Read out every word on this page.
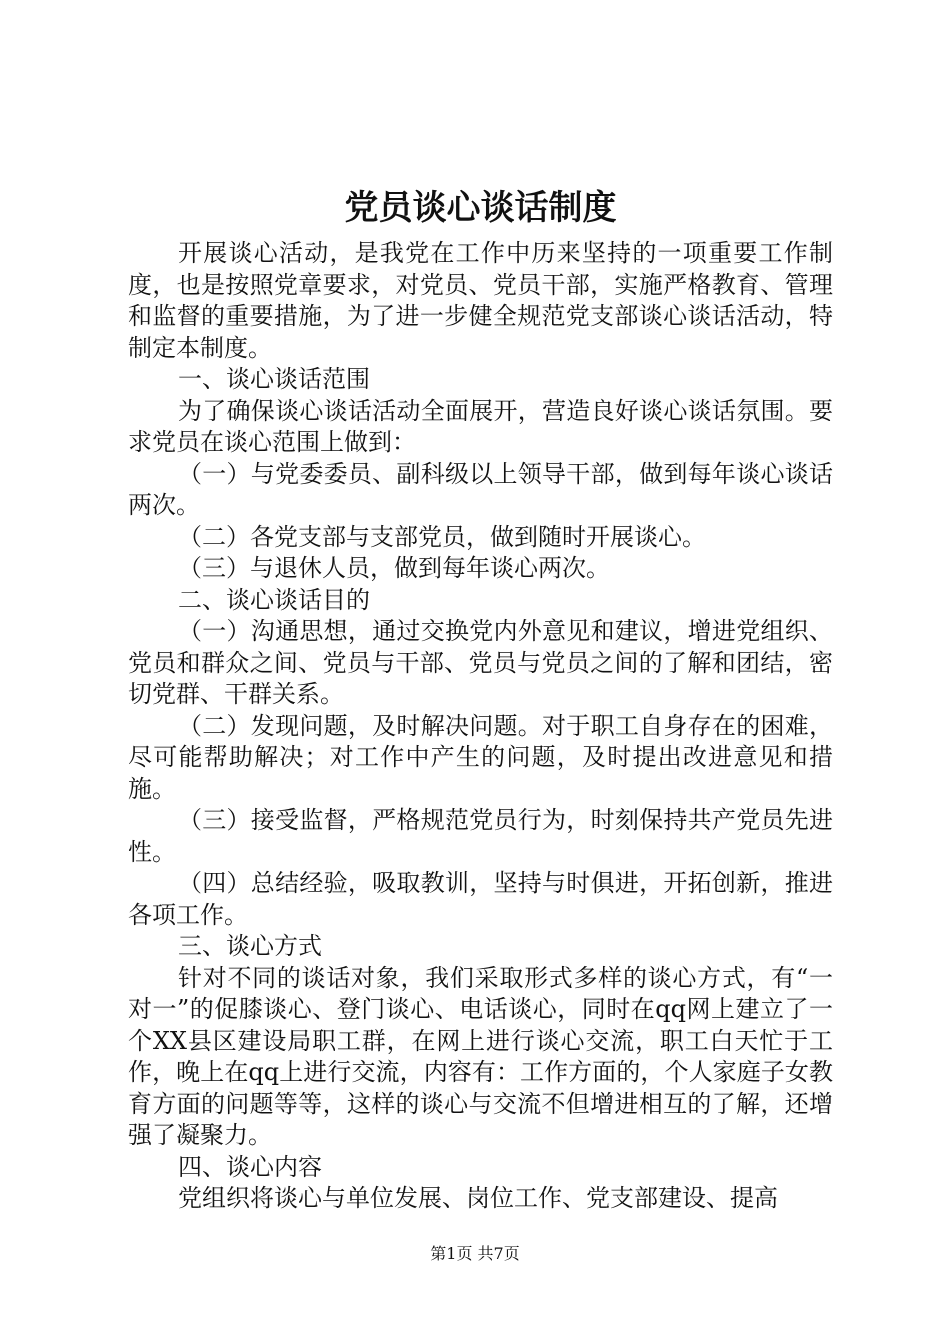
党员谈心谈话制度

开展谈心活动，是我党在工作中历来坚持的一项重要工作制度，也是按照党章要求，对党员、党员干部，实施严格教育、管理和监督的重要措施，为了进一步健全规范党支部谈心谈话活动，特制定本制度。

一、谈心谈话范围

为了确保谈心谈话活动全面展开，营造良好谈心谈话氛围。要求党员在谈心范围上做到：

（一）与党委委员、副科级以上领导干部，做到每年谈心谈话两次。

（二）各党支部与支部党员，做到随时开展谈心。

（三）与退休人员，做到每年谈心两次。

二、谈心谈话目的

（一）沟通思想，通过交换党内外意见和建议，增进党组织、党员和群众之间、党员与干部、党员与党员之间的了解和团结，密切党群、干群关系。

（二）发现问题，及时解决问题。对于职工自身存在的困难，尽可能帮助解决；对工作中产生的问题，及时提出改进意见和措施。

（三）接受监督，严格规范党员行为，时刻保持共产党员先进性。

（四）总结经验，吸取教训，坚持与时俱进，开拓创新，推进各项工作。

三、谈心方式

针对不同的谈话对象，我们采取形式多样的谈心方式，有“一对一”的促膝谈心、登门谈心、电话谈心，同时在qq网上建立了一个XX县区建设局职工群，在网上进行谈心交流，职工白天忙于工作，晚上在qq上进行交流，内容有：工作方面的，个人家庭子女教育方面的问题等等，这样的谈心与交流不但增进相互的了解，还增强了凝聚力。

四、谈心内容

党组织将谈心与单位发展、岗位工作、党支部建设、提高

第1页 共7页
